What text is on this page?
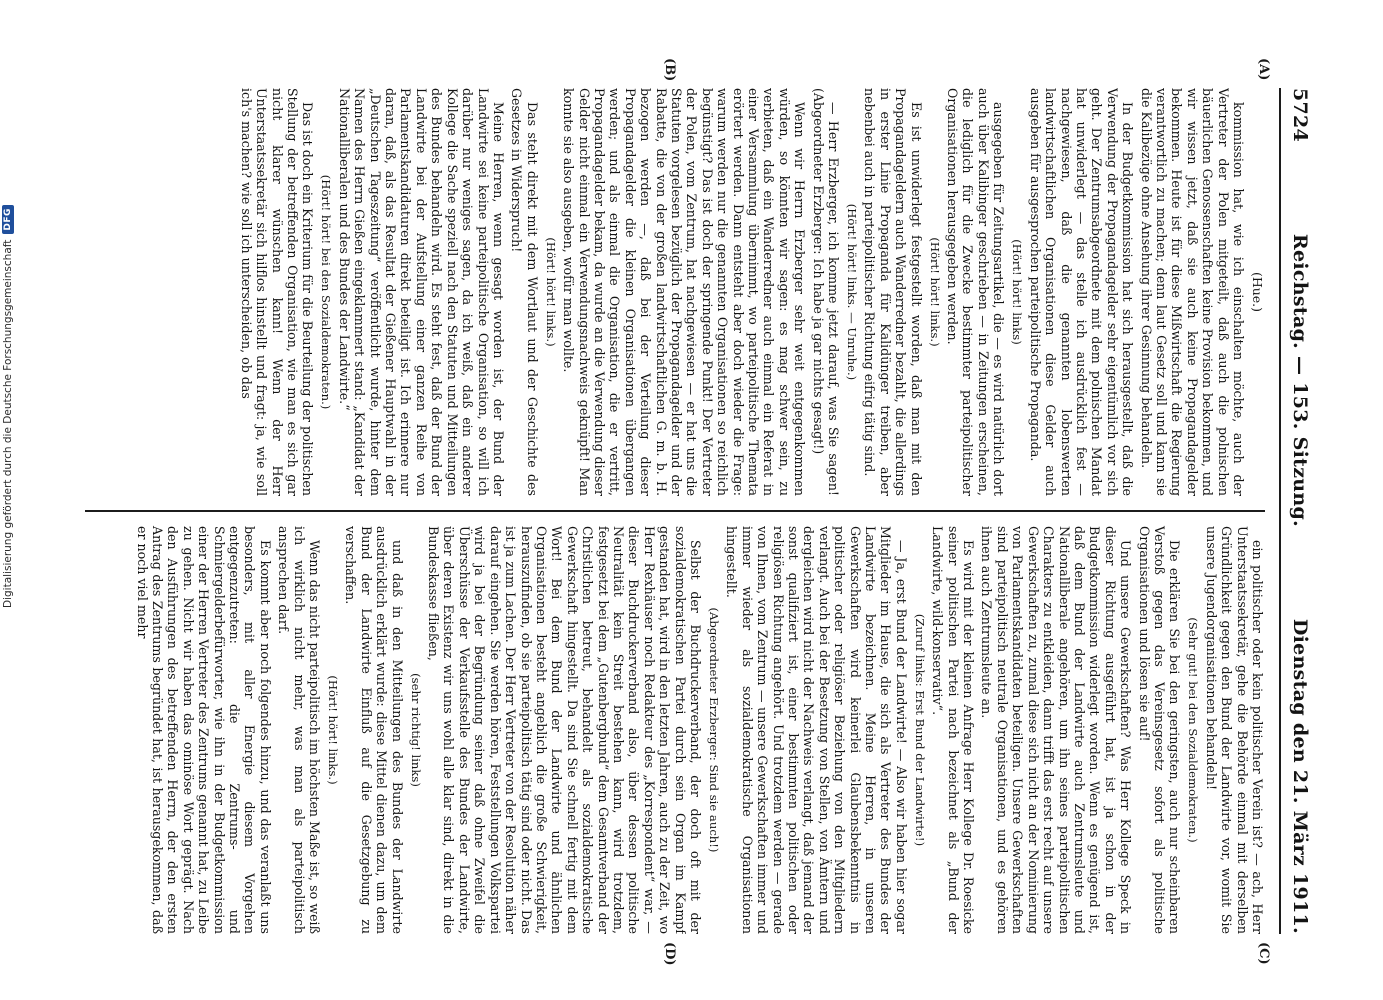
5724
Reichstag. — 153. Sitzung.
Dienstag den 21. März 1911.
(Hue.)

kommission hat, wie ich einschalten möchte, auch der Vertreter der Polen mitgeteilt, daß auch die polnischen bäuerlichen Genossenschaften keine Provision bekommen, und wir wissen jetzt, daß sie auch keine Propagandagelder bekommen. Heute ist für diese Mißwirtschaft die Regierung verantwortlich zu machen; denn laut Gesetz soll und kann sie die Kalibezüge ohne Ansehung ihrer Gesinnung behandeln.

In der Budgetkommission hat sich herausgestellt, daß die Verwendung der Propagandagelder sehr eigentümlich vor sich geht. Der Zentrumsabgeordnete mit dem polnischen Mandat hat unwiderlegt — das stelle ich ausdrücklich fest — nachgewiesen, daß die genannten lobenswerten landwirtschaftlichen Organisationen diese Gelder auch ausgeben für ausgesprochen parteipolitische Propaganda.

(Hört! hört! links)

ausgegeben für Zeitungsartikel, die — es wird natürlich dort auch über Kalibinger geschrieben — in Zeitungen erscheinen, die lediglich für die Zwecke bestimmter parteipolitischer Organisationen herausgegeben werden.

(Hört! hört! links.)

Es ist unwiderlegt festgestellt worden, daß man mit den Propagandageldern auch Wanderredner bezahlt, die allerdings in erster Linie Propaganda für Kalidünger treiben, aber nebenbei auch in parteipolitischer Richtung eifrig tätig sind.

(Hört! hört! links. — Unruhe.)

— Herr Erzberger, ich komme jetzt darauf, was Sie sagen! (Abgeordneter Erzberger: Ich habe ja gar nichts gesagt!)

Wenn wir Herrn Erzberger sehr weit entgegenkommen würden, so könnten wir sagen: es mag schwer sein, zu verbieten, daß ein Wanderredner auch einmal ein Referat in einer Versammlung übernimmt, wo parteipolitische Themata erörtert werden. Dann entsteht aber doch wieder die Frage: warum werden nur die genannten Organisationen so reichlich begünstigt? Das ist doch der springende Punkt! Der Vertreter der Polen, vom Zentrum, hat nachgewiesen — er hat uns die Statuten vorgelesen bezüglich der Propagandagelder und der Rabatte, die von der großen landwirtschaftlichen G. m. b. H. bezogen werden —, daß bei der Verteilung dieser Propagandagelder die kleinen Organisationen übergangen werden; und als einmal die Organisation, die er vertritt, Propagandagelder bekam, da wurde an die Verwendung dieser Gelder nicht einmal ein Verwendungsnachweis geknüpft! Man konnte sie also ausgeben, wofür man wollte.

(Hört! hört! links.)

Das steht direkt mit dem Wortlaut und der Geschichte des Gesetzes in Widerspruch!

Meine Herren, wenn gesagt worden ist, der Bund der Landwirte sei keine parteipolitische Organisation, so will ich darüber nur weniges sagen, da ich weiß, daß ein anderer Kollege die Sache speziell nach den Statuten und Mitteilungen des Bundes behandeln wird. Es steht fest, daß der Bund der Landwirte bei der Aufstellung einer ganzen Reihe von Parlamentskandidaturen direkt beteiligt ist. Ich erinnere nur daran, daß, als das Resultat der Gießener Hauptwahl in der „Deutschen Tageszeitung“ veröffentlicht wurde, hinter dem Namen des Herrn Gießen eingeklammert stand: „Kandidat der Nationalliberalen und des Bundes der Landwirte.“

(Hört! hört! bei den Sozialdemokraten.)

Das ist doch ein Kriterium für die Beurteilung der politischen Stellung der betreffenden Organisation, wie man es sich gar nicht klarer wünschen kann! Wenn der Herr Unterstaatssekretär sich hilflos hinstellt und fragt: ja, wie soll ich's machen? wie soll ich unterscheiden, ob das

ein politischer oder kein politischer Verein ist? — ach, Herr Unterstaatssekretär, gehe die Behörde einmal mit derselben Gründlichkeit gegen den Bund der Landwirte vor, womit Sie unsere Jugendorganisationen behandeln!

(Sehr gut! bei den Sozialdemokraten.)

Die erklären Sie bei den geringsten, auch nur scheinbaren Verstoß gegen das Vereinsgesetz sofort als politische Organisationen und lösen sie auf!

Und unsere Gewerkschaften? Was Herr Kollege Speck in dieser Richtung ausgeführt hat, ist ja schon in der Budgetkommission widerlegt worden. Wenn es genügend ist, daß dem Bund der Landwirte auch Zentrumsleute und Nationalliberale angehören, um ihn seines parteipolitischen Charakters zu entkleiden, dann trifft das erst recht auf unsere Gewerkschaften zu, zumal diese sich nicht an der Nominierung von Parlamentskandidaten beteiligen. Unsere Gewerkschaften sind parteipolitisch neutrale Organisationen, und es gehören ihnen auch Zentrumsleute an.

Es wird mit der kleinen Anfrage Herr Kollege Dr. Roesicke seiner politischen Partei nach bezeichnet als „Bund der Landwirte, wild-konservativ“.

(Zuruf links: Erst Bund der Landwirte!)

— Ja, erst Bund der Landwirte! — Also wir haben hier sogar Mitglieder im Hause, die sich als Vertreter des Bundes der Landwirte bezeichnen. Meine Herren, in unseren Gewerkschaften wird keinerlei Glaubensbekenntnis in politischer oder religiöser Beziehung von den Mitgliedern verlangt. Auch bei der Besetzung von Stellen, von Ämtern und dergleichen wird nicht der Nachweis verlangt, daß jemand der sonst qualifiziert ist, einer bestimmten politischen oder religiösen Richtung angehört. Und trotzdem werden — gerade von Ihnen, vom Zentrum — unsere Gewerkschaften immer und immer wieder als sozialdemokratische Organisationen hingestellt.

(Abgeordneter Erzberger: Sind sie auch!)

Selbst der Buchdruckerverband, der doch oft mit der sozialdemokratischen Partei durch sein Organ im Kampf gestanden hat, wird in den letzten Jahren, auch zu der Zeit, wo Herr Rexhäuser noch Redakteur des „Korrespondent“ war, — dieser Buchdruckerverband also, über dessen politische Neutralität kein Streit bestehen kann, wird trotzdem, festgesetzt bei dem „Gutenbergbund“ dem Gesamtverband der Christlichen betreut, behandelt als sozialdemokratische Gewerkschaft hingestellt. Da sind Sie schnell fertig mit dem Wort! Bei dem Bund der Landwirte und ähnlichen Organisationen besteht angeblich die große Schwierigkeit, herauszufinden, ob sie parteipolitisch tätig sind oder nicht. Das ist ja zum Lachen. Der Herr Vertreter von der Resolution näher darauf eingehen. Sie werden hören, Feststellungen Volkspartei wird ja bei der Begründung seiner daß ohne Zweifel die Überschüsse der Verkaufsstelle des Bundes der Landwirte, über deren Existenz wir uns wohl alle klar sind, direkt in die Bundeskasse fließen,

(sehr richtig! links)

und daß in den Mitteilungen des Bundes der Landwirte ausdrücklich erklärt wurde: diese Mittel dienen dazu, um dem Bund der Landwirte Einfluß auf die Gesetzgebung zu verschaffen.

(Hört! hört! links.)

Wenn das nicht parteipolitisch im höchsten Maße ist, so weiß ich wirklich nicht mehr, was man als parteipolitisch ansprechen darf.

Es kommt aber noch folgendes hinzu, und das veranlaßt uns besonders, mit aller Energie diesem Vorgehen entgegenzutreten: die Zentrums- und Schmiergelderbefürworter, wie ihn in der Budgetkommission einer der Herren Vertreter des Zentrums genannt hat, zu Leibe zu gehen. Nicht wir haben das ominöse Wort geprägt. Nach den Ausführungen des betreffenden Herrn, der den ersten Antrag des Zentrums begründet hat, ist herausgekommen, daß er noch viel mehr

(A)
(B)
(C)
(D)
Digitalisierung gefördert durch die Deutsche Forschungsgemeinschaft
DFG
